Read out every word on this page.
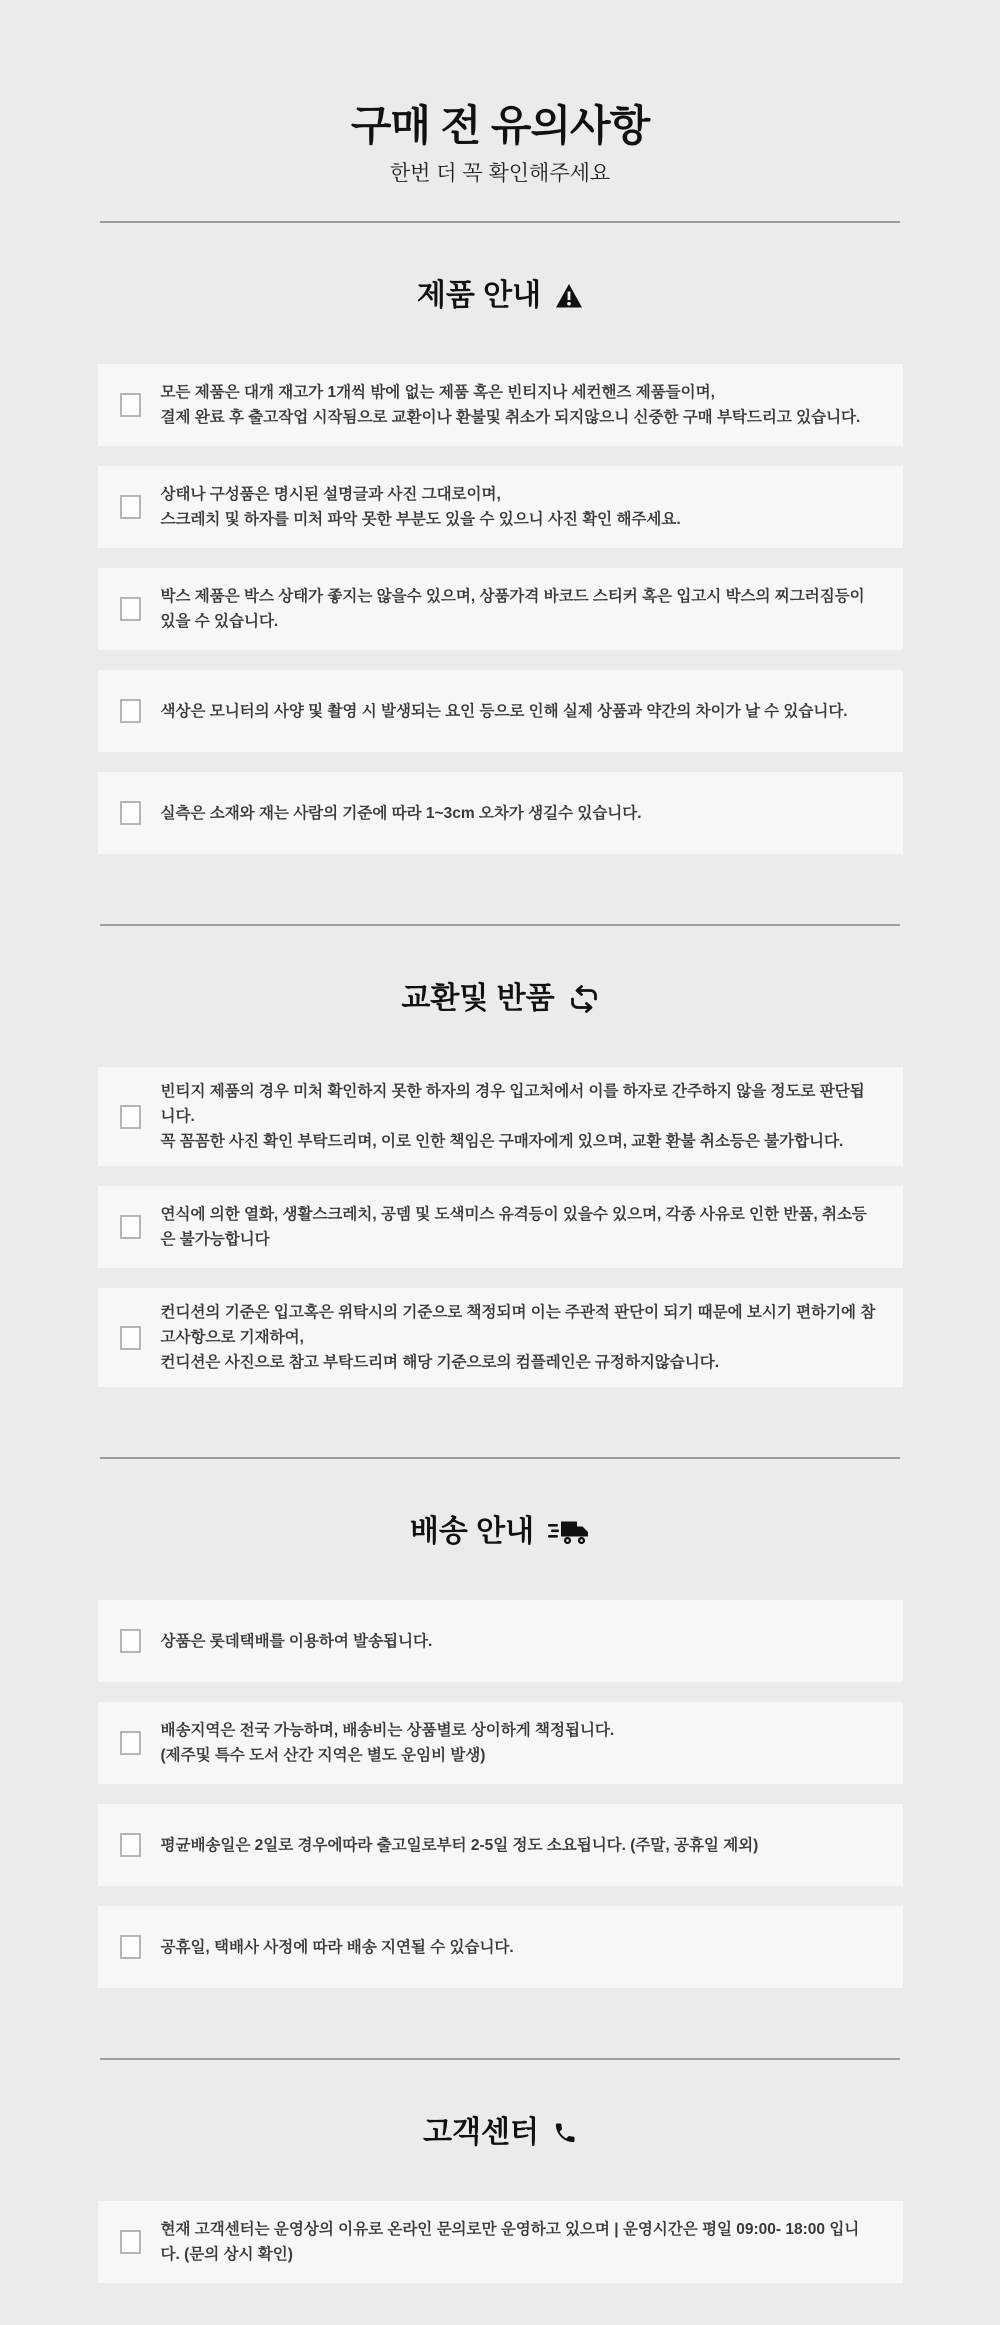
구매 전 유의사항

한번 더 꼭 확인해주세요

제품 안내
모든 제품은 대개 재고가 1개씩 밖에 없는 제품 혹은 빈티지나 세컨핸즈 제품들이며,
결제 완료 후 출고작업 시작됨으로 교환이나 환불및 취소가 되지않으니 신중한 구매 부탁드리고 있습니다.
상태나 구성품은 명시된 설명글과 사진 그대로이며,
스크레치 및 하자를 미처 파악 못한 부분도 있을 수 있으니 사진 확인 해주세요.
박스 제품은 박스 상태가 좋지는 않을수 있으며, 상품가격 바코드 스티커 혹은 입고시 박스의 찌그러짐등이 있을 수 있습니다.
색상은 모니터의 사양 및 촬영 시 발생되는 요인 등으로 인해 실제 상품과 약간의 차이가 날 수 있습니다.
실측은 소재와 재는 사람의 기준에 따라 1~3cm 오차가 생길수 있습니다.
교환및 반품
빈티지 제품의 경우 미처 확인하지 못한 하자의 경우 입고처에서 이를 하자로 간주하지 않을 정도로 판단됩니다.
꼭 꼼꼼한 사진 확인 부탁드리며, 이로 인한 책임은 구매자에게 있으며, 교환 환불 취소등은 불가합니다.
연식에 의한 열화, 생활스크레치, 공뎀 및 도색미스 유격등이 있을수 있으며, 각종 사유로 인한 반품, 취소등은 불가능합니다
컨디션의 기준은 입고혹은 위탁시의 기준으로 책정되며 이는 주관적 판단이 되기 때문에 보시기 편하기에 참고사항으로 기재하여,
컨디션은 사진으로 참고 부탁드리며 해당 기준으로의 컴플레인은 규정하지않습니다.
배송 안내
상품은 롯데택배를 이용하여 발송됩니다.
배송지역은 전국 가능하며, 배송비는 상품별로 상이하게 책정됩니다.
(제주및 특수 도서 산간 지역은 별도 운임비 발생)
평균배송일은 2일로 경우에따라 출고일로부터 2-5일 정도 소요됩니다. (주말, 공휴일 제외)
공휴일, 택배사 사정에 따라 배송 지연될 수 있습니다.
고객센터
현재 고객센터는 운영상의 이유로 온라인 문의로만 운영하고 있으며 | 운영시간은 평일 09:00- 18:00 입니다. (문의 상시 확인)
